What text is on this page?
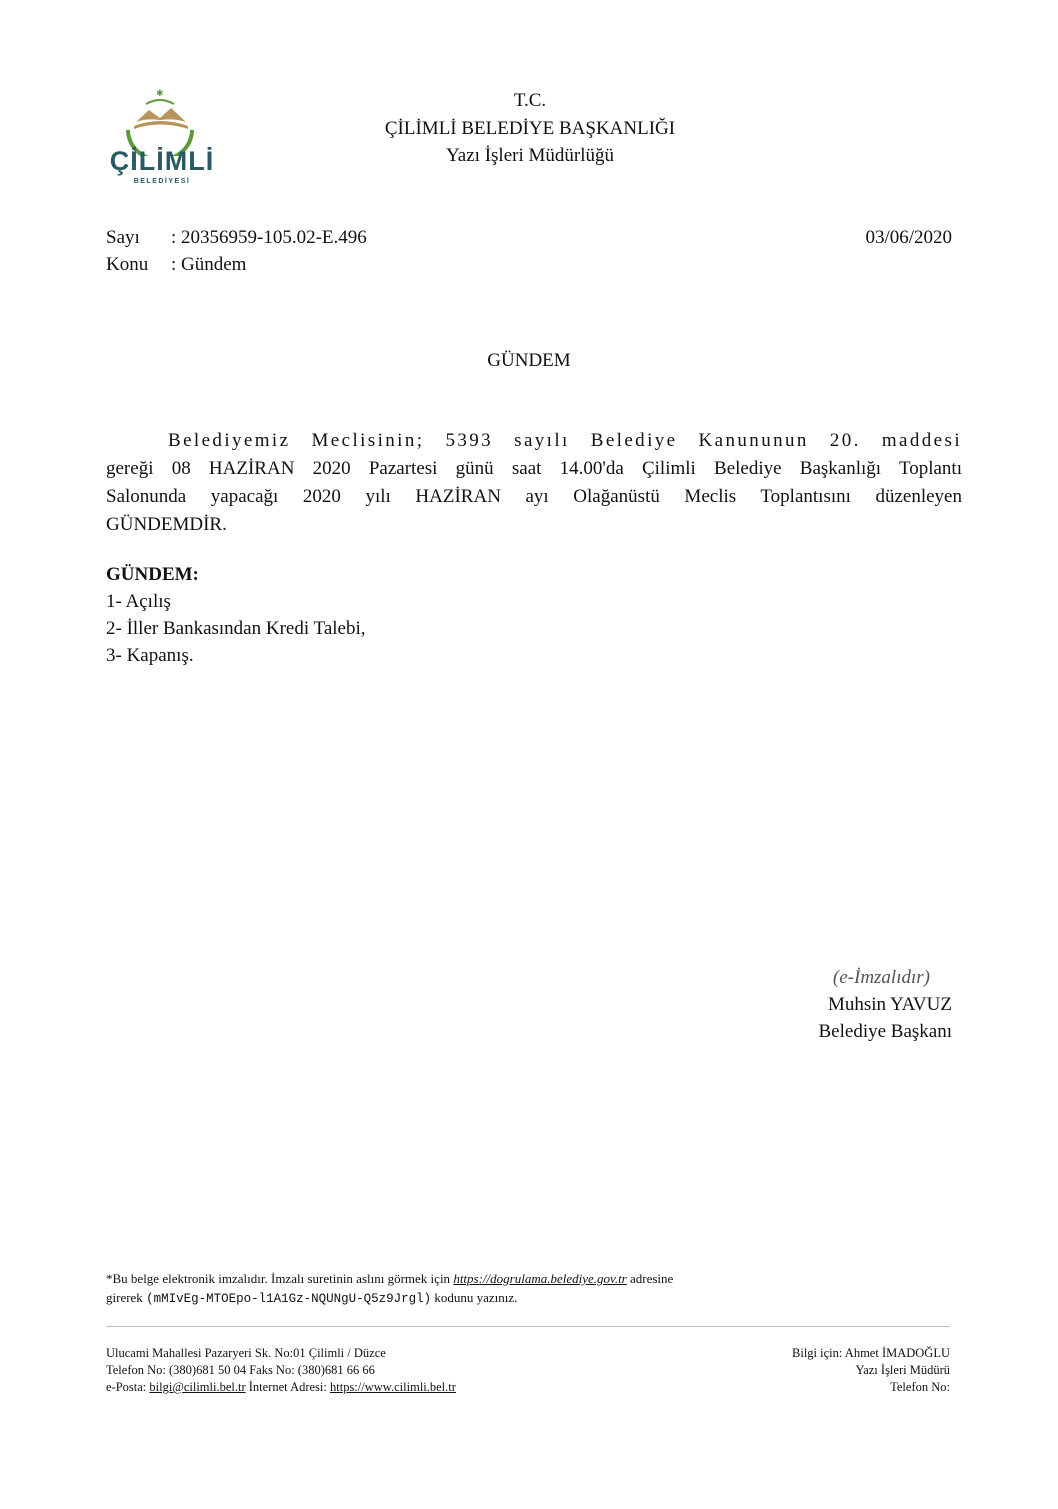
✱
ÇİLİMLİ
BELEDİYESİ
T.C.
ÇİLİMLİ BELEDİYE BAŞKANLIĞI
Yazı İşleri Müdürlüğü
Sayı : 20356959-105.02-E.496
Konu : Gündem
03/06/2020
GÜNDEM
Belediyemiz Meclisinin; 5393 sayılı Belediye Kanununun 20. maddesi
gereği 08 HAZİRAN 2020 Pazartesi günü saat 14.00'da Çilimli Belediye Başkanlığı Toplantı
Salonunda yapacağı 2020 yılı HAZİRAN ayı Olağanüstü Meclis Toplantısını düzenleyen
GÜNDEMDİR.
GÜNDEM:
1- Açılış
2- İller Bankasından Kredi Talebi,
3- Kapanış.
(e-İmzalıdır)
Muhsin YAVUZ
Belediye Başkanı
*Bu belge elektronik imzalıdır. İmzalı suretinin aslını görmek için https://dogrulama.belediye.gov.tr adresine
girerek (mMIvEg-MTOEpo-l1A1Gz-NQUNgU-Q5z9Jrgl) kodunu yazınız.
Ulucami Mahallesi Pazaryeri Sk. No:01 Çilimli / Düzce
Telefon No: (380)681 50 04 Faks No: (380)681 66 66
e-Posta: bilgi@cilimli.bel.tr İnternet Adresi: https://www.cilimli.bel.tr
Bilgi için: Ahmet İMADOĞLU
Yazı İşleri Müdürü
Telefon No:
